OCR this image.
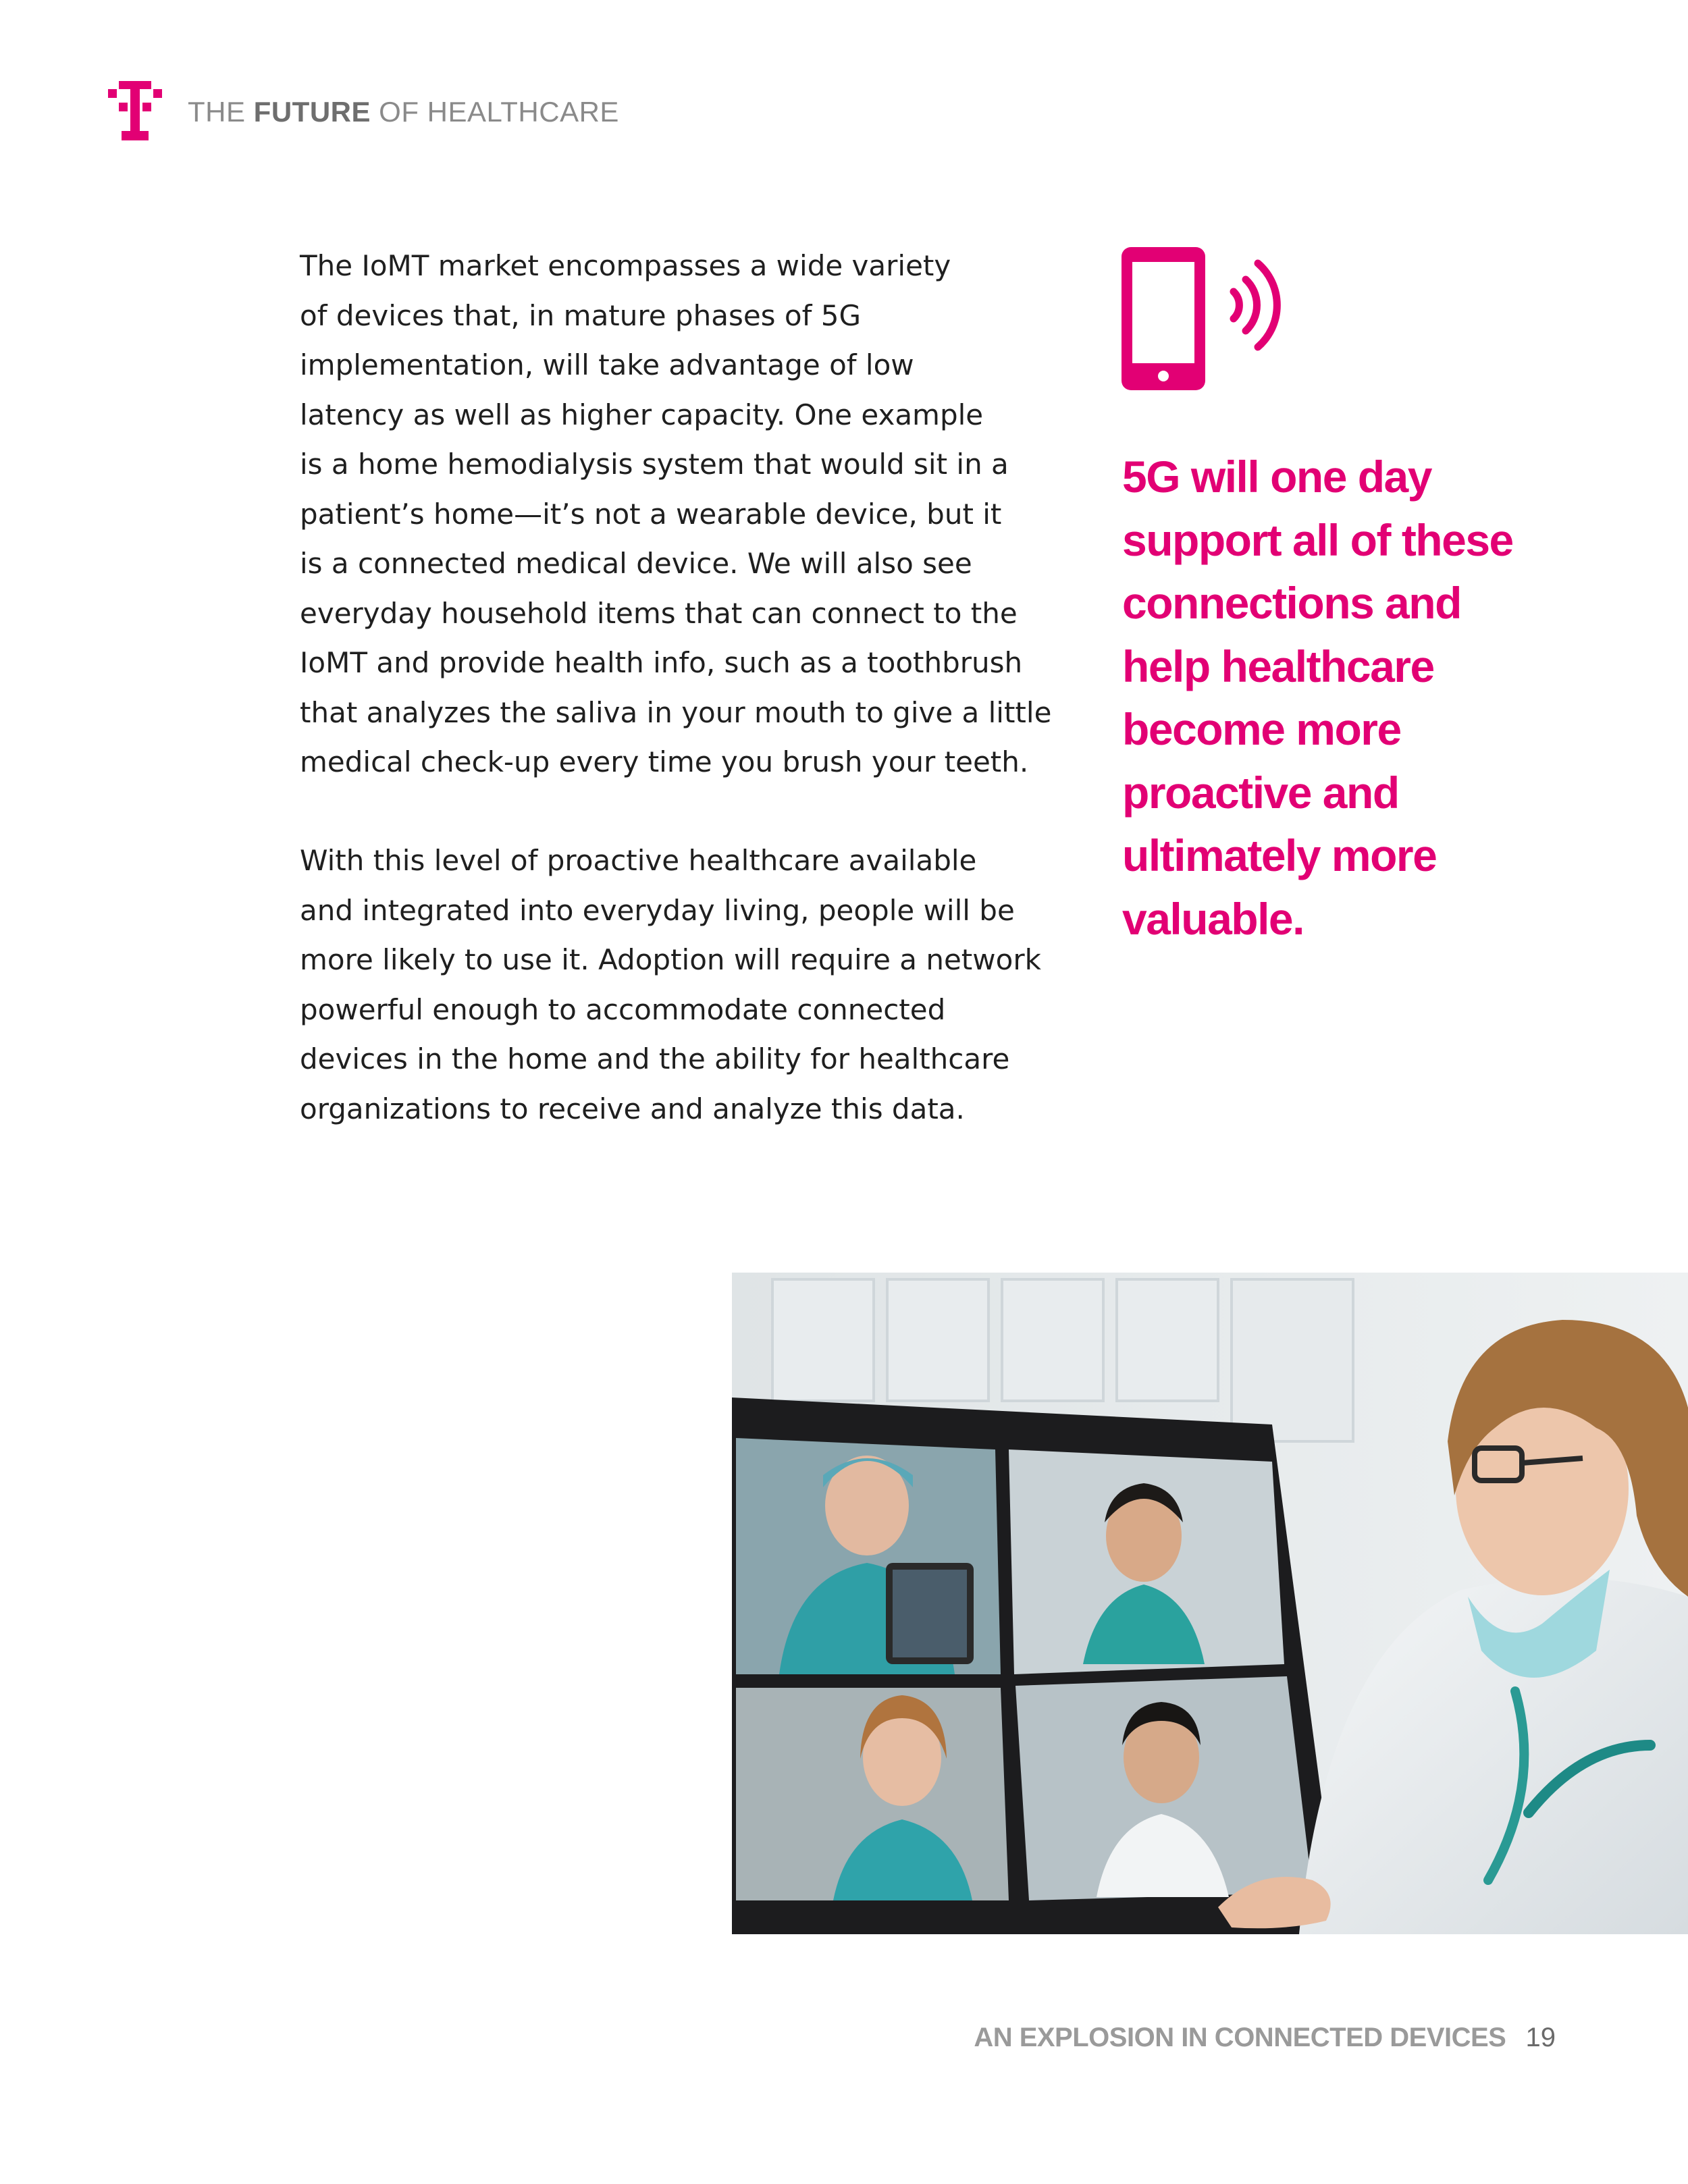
THE FUTURE OF HEALTHCARE
The IoMT market encompasses a wide variety
of devices that, in mature phases of 5G
implementation, will take advantage of low
latency as well as higher capacity. One example
is a home hemodialysis system that would sit in a
patient’s home—it’s not a wearable device, but it
is a connected medical device. We will also see
everyday household items that can connect to the
IoMT and provide health info, such as a toothbrush
that analyzes the saliva in your mouth to give a little
medical check-up every time you brush your teeth.
With this level of proactive healthcare available
and integrated into everyday living, people will be
more likely to use it. Adoption will require a network
powerful enough to accommodate connected
devices in the home and the ability for healthcare
organizations to receive and analyze this data.
5G will one day
support all of these
connections and
help healthcare
become more
proactive and
ultimately more
valuable.
AN EXPLOSION IN CONNECTED DEVICES 19
